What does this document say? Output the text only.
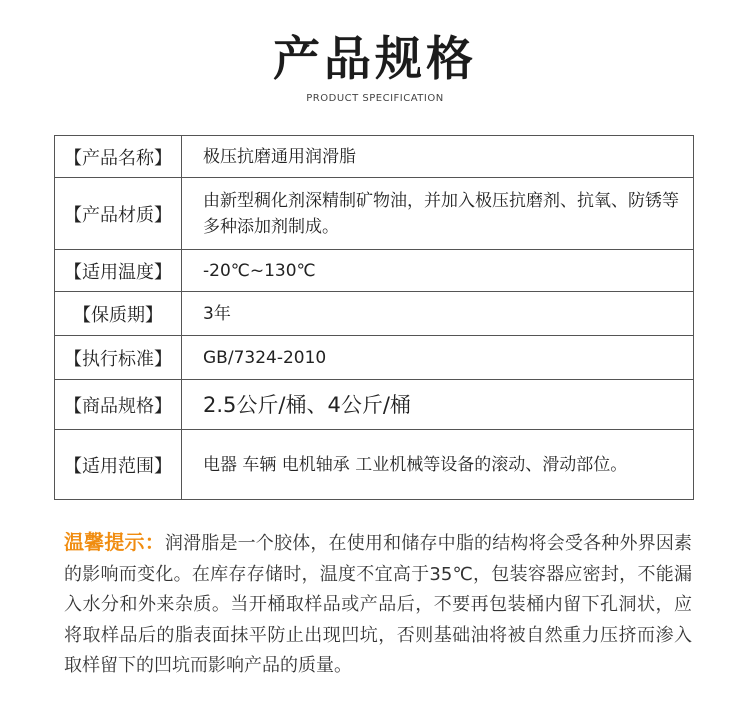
产品规格
PRODUCT SPECIFICATION
【产品名称】	极压抗磨通用润滑脂
【产品材质】	由新型稠化剂深精制矿物油，并加入极压抗磨剂、抗氧、防锈等多种添加剂制成。
【适用温度】	-20℃~130℃
【保质期】	3年
【执行标准】	GB/7324-2010
【商品规格】	2.5公斤/桶、4公斤/桶
【适用范围】	电器 车辆 电机轴承 工业机械等设备的滚动、滑动部位。
温馨提示：润滑脂是一个胶体，在使用和储存中脂的结构将会受各种外界因素的影响而变化。在库存存储时，温度不宜高于35℃，包装容器应密封，不能漏入水分和外来杂质。当开桶取样品或产品后，不要再包装桶内留下孔洞状，应将取样品后的脂表面抹平防止出现凹坑，否则基础油将被自然重力压挤而渗入取样留下的凹坑而影响产品的质量。
